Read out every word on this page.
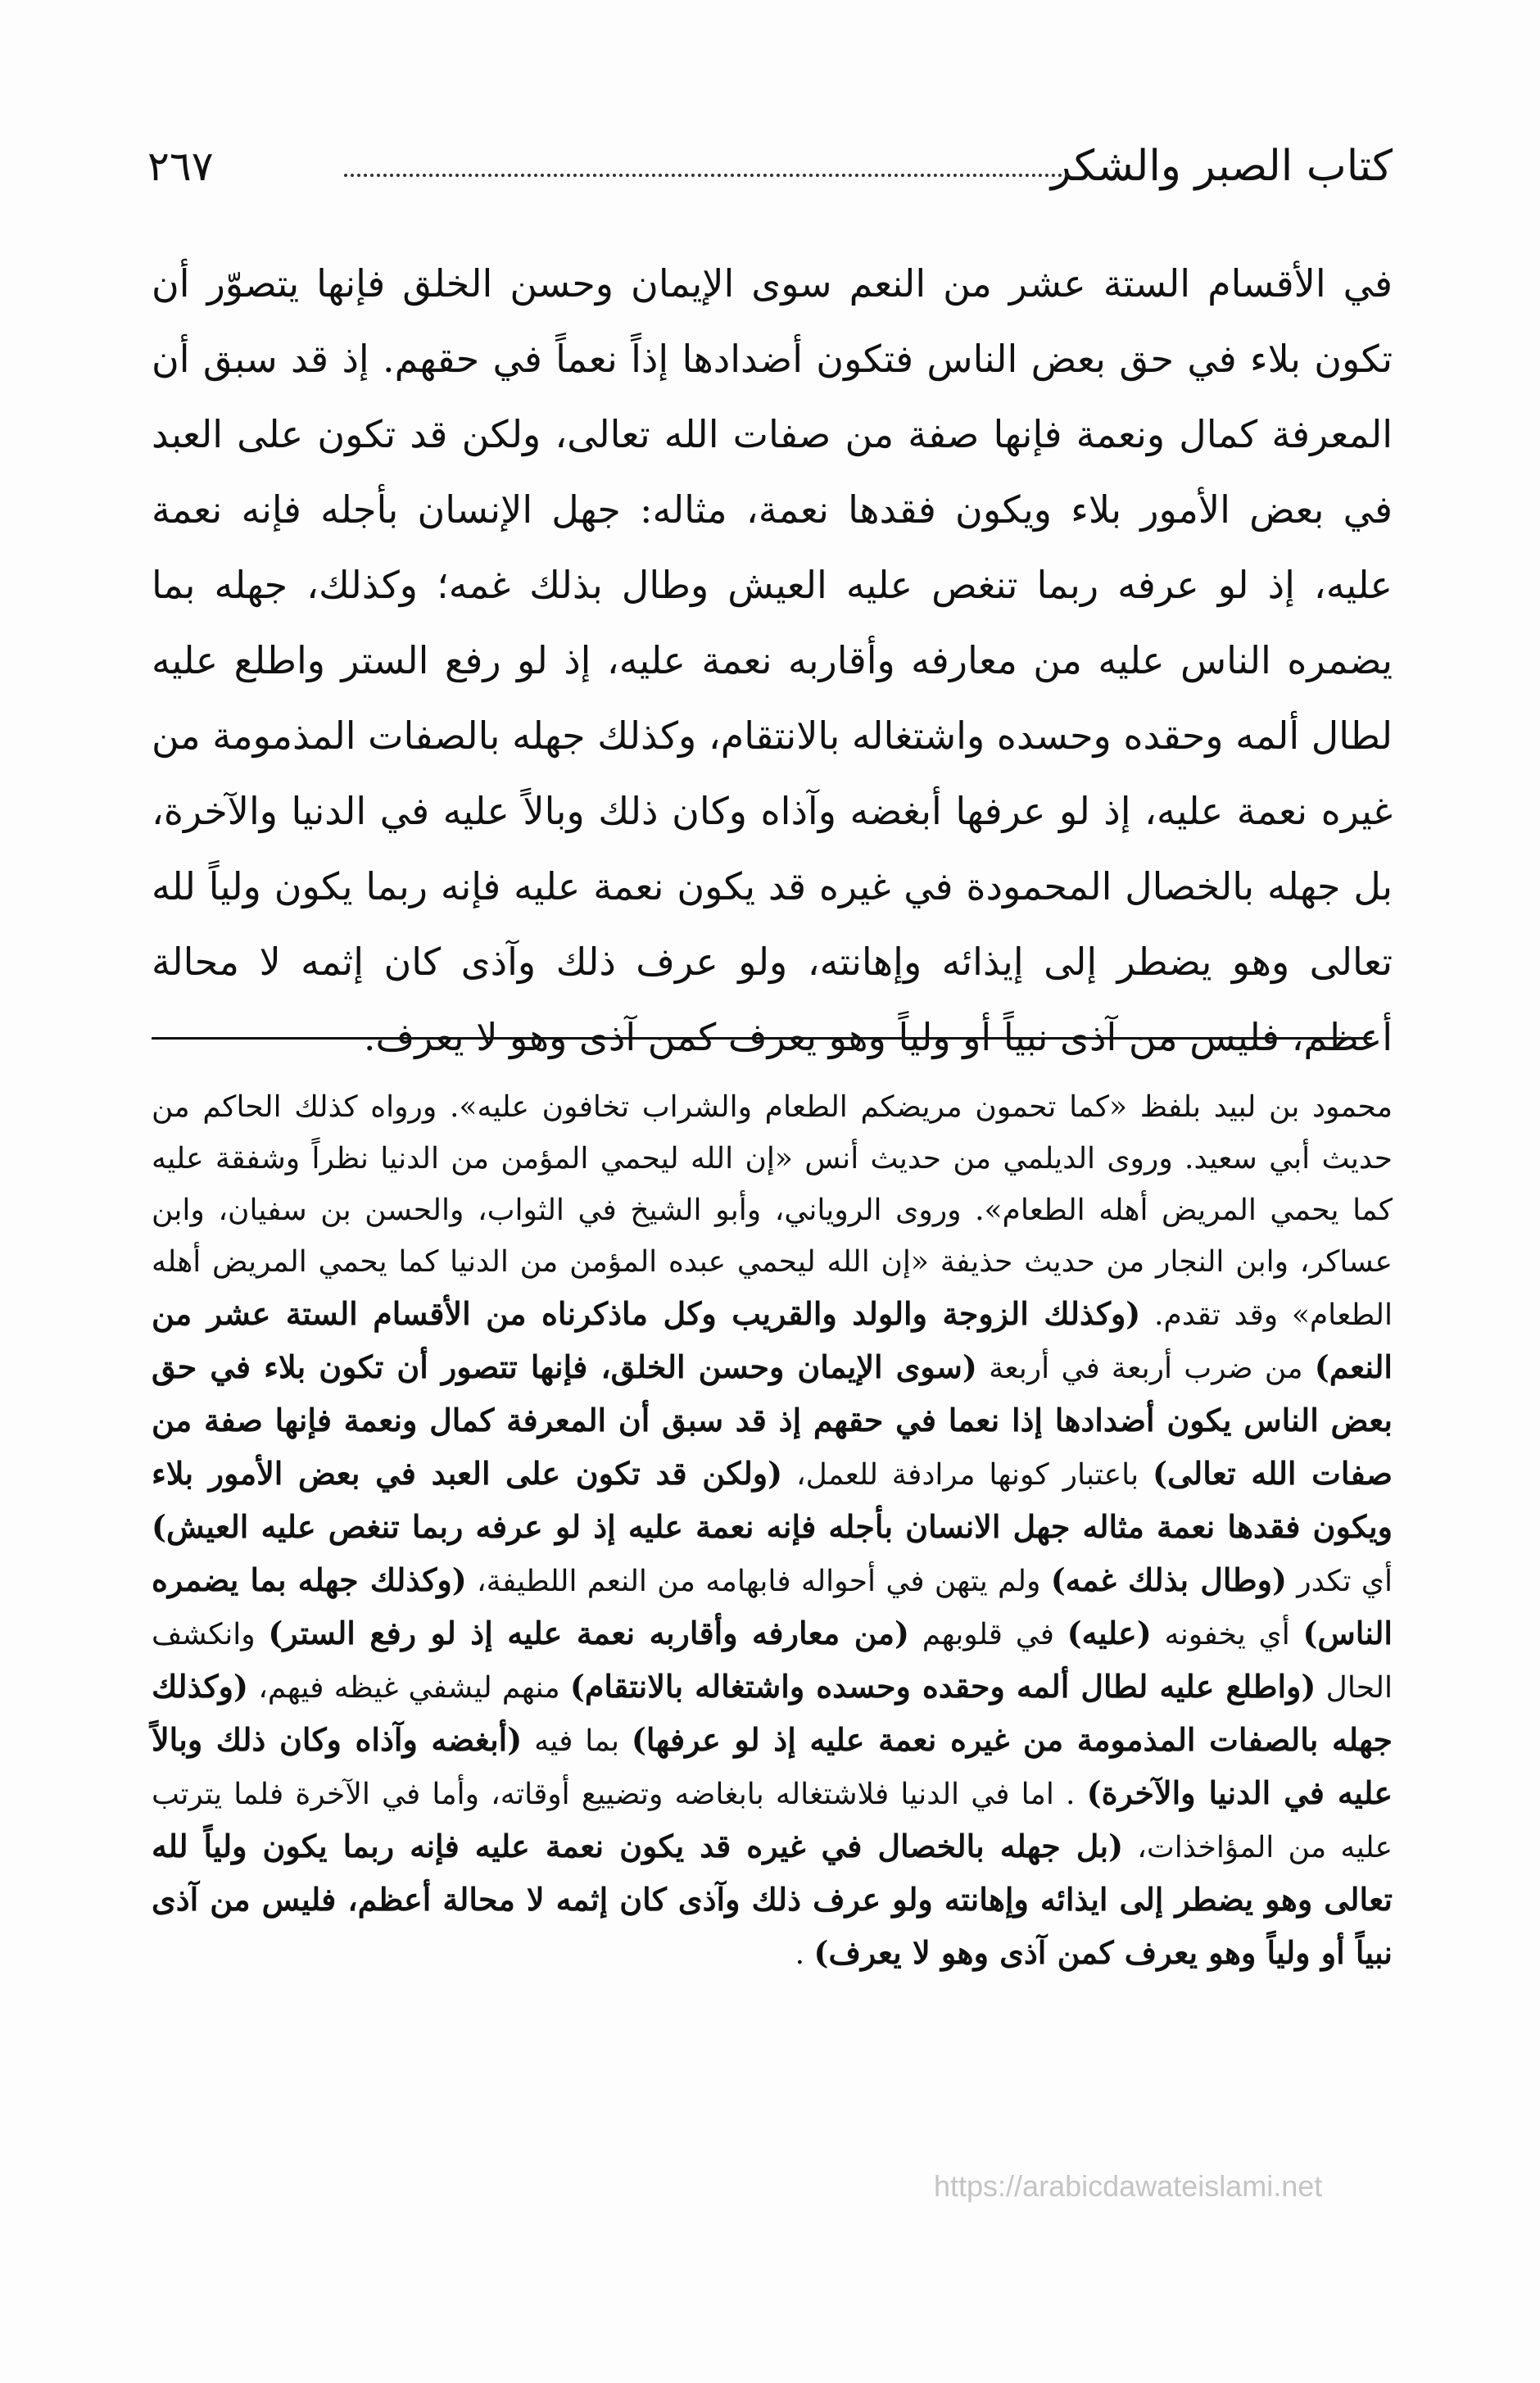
كتاب الصبر والشكر
٢٦٧

في الأقسام الستة عشر من النعم سوى الإيمان وحسن الخلق فإنها يتصوّر أن تكون بلاء في حق بعض الناس فتكون أضدادها إذاً نعماً في حقهم. إذ قد سبق أن المعرفة كمال ونعمة فإنها صفة من صفات الله تعالى، ولكن قد تكون على العبد في بعض الأمور بلاء ويكون فقدها نعمة، مثاله: جهل الإنسان بأجله فإنه نعمة عليه، إذ لو عرفه ربما تنغص عليه العيش وطال بذلك غمه؛ وكذلك، جهله بما يضمره الناس عليه من معارفه وأقاربه نعمة عليه، إذ لو رفع الستر واطلع عليه لطال ألمه وحقده وحسده واشتغاله بالانتقام، وكذلك جهله بالصفات المذمومة من غيره نعمة عليه، إذ لو عرفها أبغضه وآذاه وكان ذلك وبالاً عليه في الدنيا والآخرة، بل جهله بالخصال المحمودة في غيره قد يكون نعمة عليه فإنه ربما يكون ولياً لله تعالى وهو يضطر إلى إيذائه وإهانته، ولو عرف ذلك وآذى كان إثمه لا محالة أعظم، فليس من آذى نبياً أو ولياً وهو يعرف كمن آذى وهو لا يعرف.

محمود بن لبيد بلفظ «كما تحمون مريضكم الطعام والشراب تخافون عليه». ورواه كذلك الحاكم من حديث أبي سعيد. وروى الديلمي من حديث أنس «إن الله ليحمي المؤمن من الدنيا نظراً وشفقة عليه كما يحمي المريض أهله الطعام». وروى الروياني، وأبو الشيخ في الثواب، والحسن بن سفيان، وابن عساكر، وابن النجار من حديث حذيفة «إن الله ليحمي عبده المؤمن من الدنيا كما يحمي المريض أهله الطعام» وقد تقدم. (وكذلك الزوجة والولد والقريب وكل ماذكرناه من الأقسام الستة عشر من النعم) من ضرب أربعة في أربعة (سوى الإيمان وحسن الخلق، فإنها تتصور أن تكون بلاء في حق بعض الناس يكون أضدادها إذا نعما في حقهم إذ قد سبق أن المعرفة كمال ونعمة فإنها صفة من صفات الله تعالى) باعتبار كونها مرادفة للعمل، (ولكن قد تكون على العبد في بعض الأمور بلاء ويكون فقدها نعمة مثاله جهل الانسان بأجله فإنه نعمة عليه إذ لو عرفه ربما تنغص عليه العيش) أي تكدر (وطال بذلك غمه) ولم يتهن في أحواله فابهامه من النعم اللطيفة، (وكذلك جهله بما يضمره الناس) أي يخفونه (عليه) في قلوبهم (من معارفه وأقاربه نعمة عليه إذ لو رفع الستر) وانكشف الحال (واطلع عليه لطال ألمه وحقده وحسده واشتغاله بالانتقام) منهم ليشفي غيظه فيهم، (وكذلك جهله بالصفات المذمومة من غيره نعمة عليه إذ لو عرفها) بما فيه (أبغضه وآذاه وكان ذلك وبالاً عليه في الدنيا والآخرة) . اما في الدنيا فلاشتغاله بابغاضه وتضييع أوقاته، وأما في الآخرة فلما يترتب عليه من المؤاخذات، (بل جهله بالخصال في غيره قد يكون نعمة عليه فإنه ربما يكون ولياً لله تعالى وهو يضطر إلى ايذائه وإهانته ولو عرف ذلك وآذى كان إثمه لا محالة أعظم، فليس من آذى نبياً أو ولياً وهو يعرف كمن آذى وهو لا يعرف) .

https://arabicdawateislami.net
